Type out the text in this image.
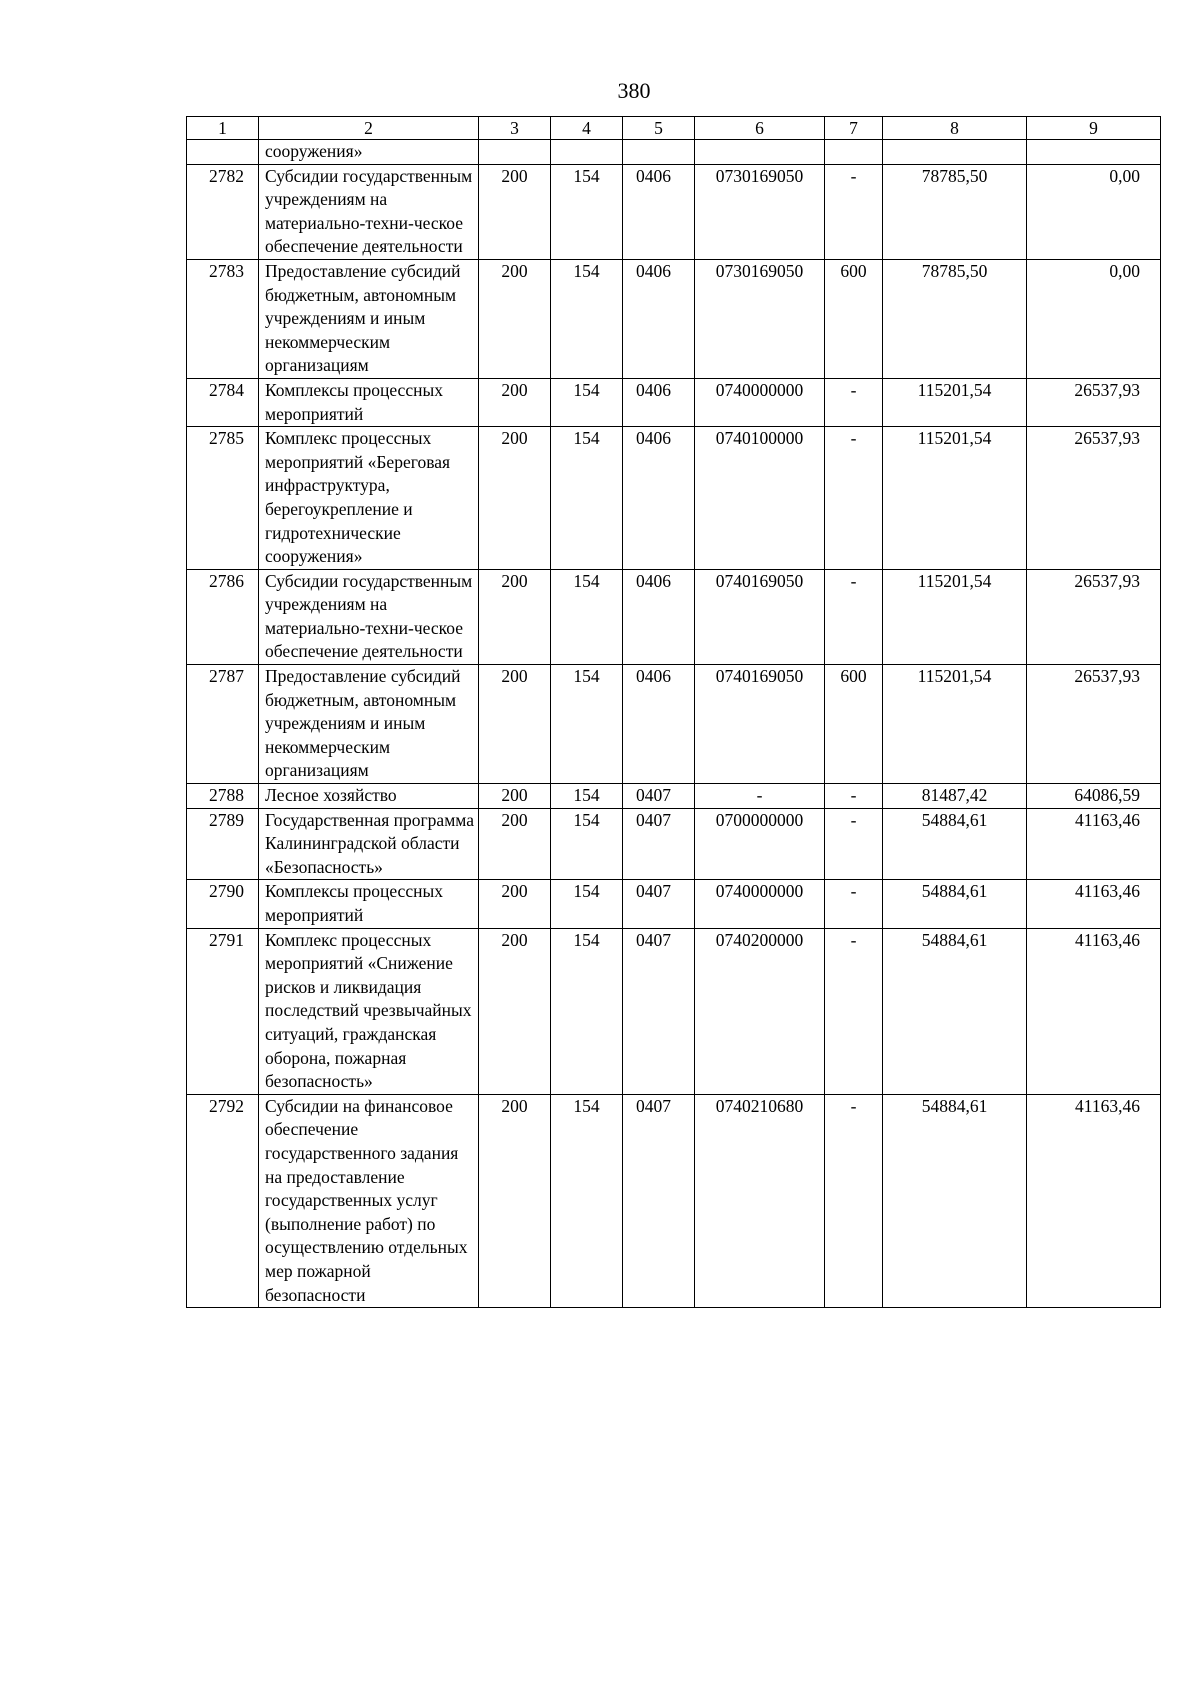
380
1	2	3	4	5	6	7	8	9
	сооружения»							
2782	Субсидии государственным учреждениям на материально-техни-ческое обеспечение деятельности	200	154	0406	0730169050	-	78785,50	0,00
2783	Предоставление субсидий бюджетным, автономным учреждениям и иным некоммерческим организациям	200	154	0406	0730169050	600	78785,50	0,00
2784	Комплексы процессных мероприятий	200	154	0406	0740000000	-	115201,54	26537,93
2785	Комплекс процессных мероприятий «Береговая инфраструктура, берегоукрепление и гидротехнические сооружения»	200	154	0406	0740100000	-	115201,54	26537,93
2786	Субсидии государственным учреждениям на материально-техни-ческое обеспечение деятельности	200	154	0406	0740169050	-	115201,54	26537,93
2787	Предоставление субсидий бюджетным, автономным учреждениям и иным некоммерческим организациям	200	154	0406	0740169050	600	115201,54	26537,93
2788	Лесное хозяйство	200	154	0407	-	-	81487,42	64086,59
2789	Государственная программа Калининградской области «Безопасность»	200	154	0407	0700000000	-	54884,61	41163,46
2790	Комплексы процессных мероприятий	200	154	0407	0740000000	-	54884,61	41163,46
2791	Комплекс процессных мероприятий «Снижение рисков и ликвидация последствий чрезвычайных ситуаций, гражданская оборона, пожарная безопасность»	200	154	0407	0740200000	-	54884,61	41163,46
2792	Субсидии на финансовое обеспечение государственного задания на предоставление государственных услуг (выполнение работ) по осуществлению отдельных мер пожарной безопасности	200	154	0407	0740210680	-	54884,61	41163,46
